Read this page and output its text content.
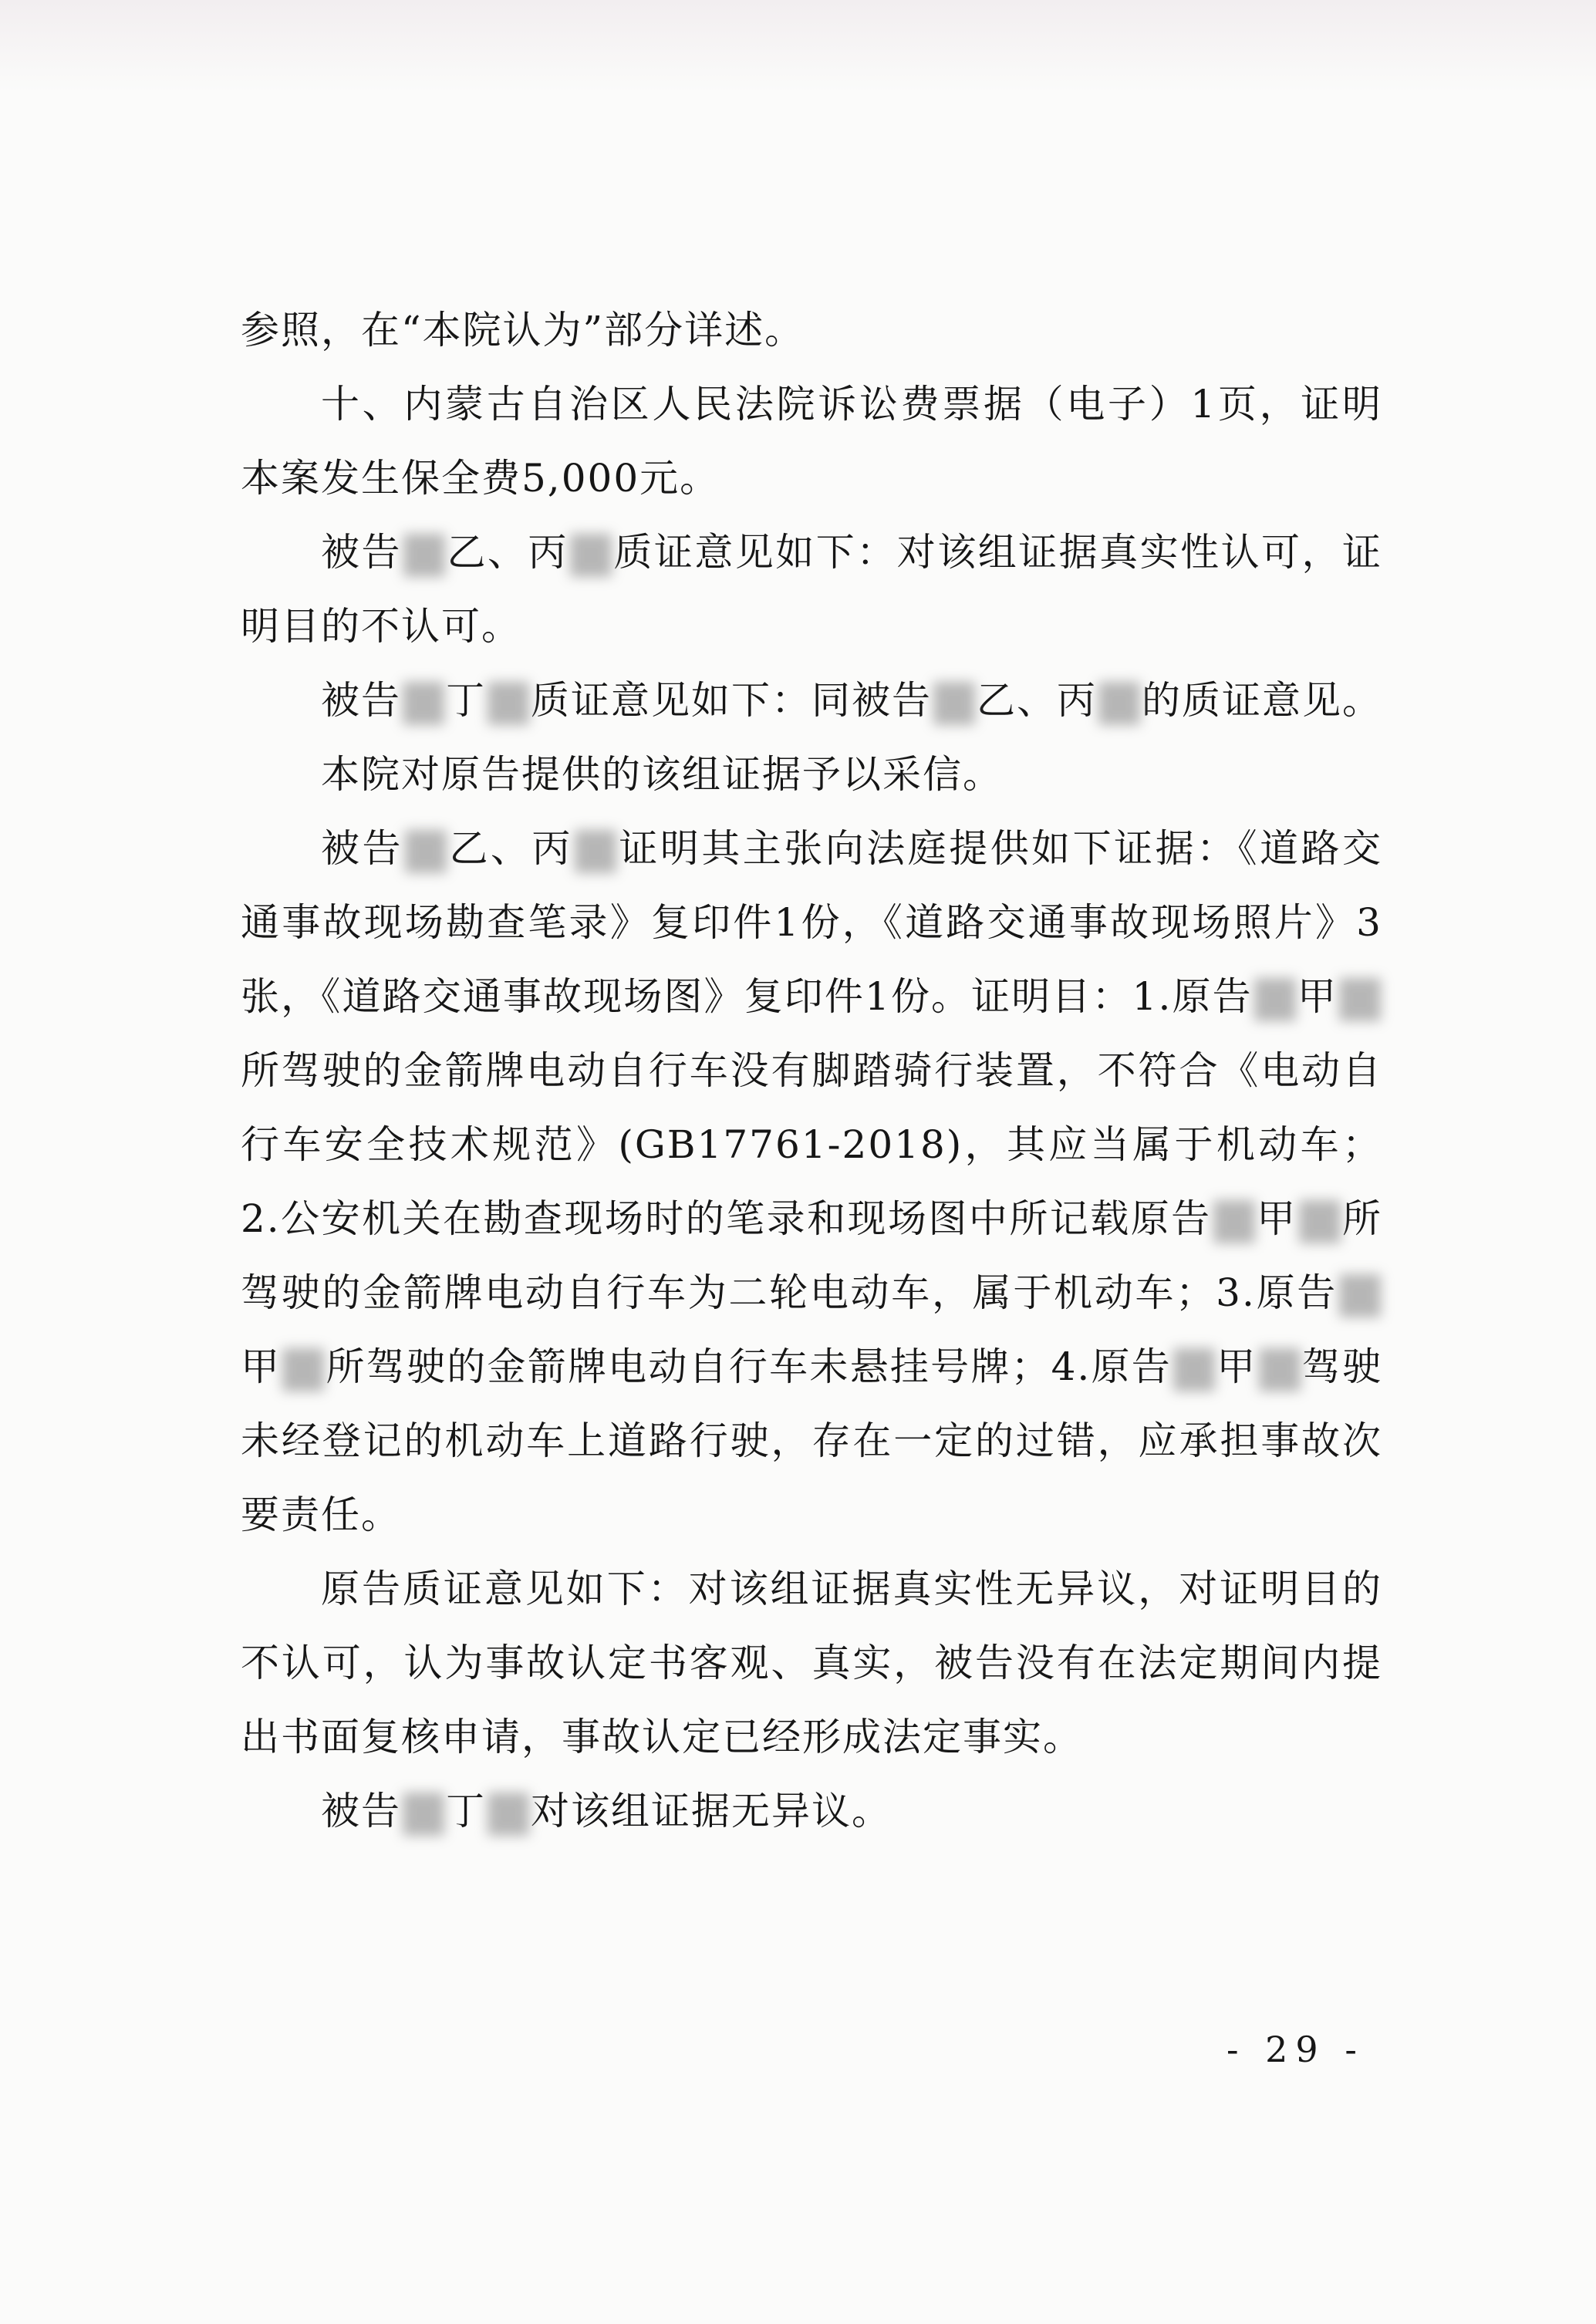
参照，在“本院认为”部分详述。

十、内蒙古自治区人民法院诉讼费票据（电子）1页，证明本案发生保全费5,000元。

被告 乙、丙 质证意见如下：对该组证据真实性认可，证明目的不认可。

被告 丁 质证意见如下：同被告 乙、丙 的质证意见。

本院对原告提供的该组证据予以采信。

被告 乙、丙 证明其主张向法庭提供如下证据：《道路交通事故现场勘查笔录》复印件1份，《道路交通事故现场照片》3张，《道路交通事故现场图》复印件1份。证明目：1.原告 甲所驾驶的金箭牌电动自行车没有脚踏骑行装置，不符合《电动自行车安全技术规范》(GB17761-2018)，其应当属于机动车；2.公安机关在勘查现场时的笔录和现场图中所记载原告 甲 所驾驶的金箭牌电动自行车为二轮电动车，属于机动车；3.原告甲 所驾驶的金箭牌电动自行车未悬挂号牌；4.原告 甲 驾驶未经登记的机动车上道路行驶，存在一定的过错，应承担事故次要责任。

原告质证意见如下：对该组证据真实性无异议，对证明目的不认可，认为事故认定书客观、真实，被告没有在法定期间内提出书面复核申请，事故认定已经形成法定事实。

被告 丁 对该组证据无异议。

- 29 -
